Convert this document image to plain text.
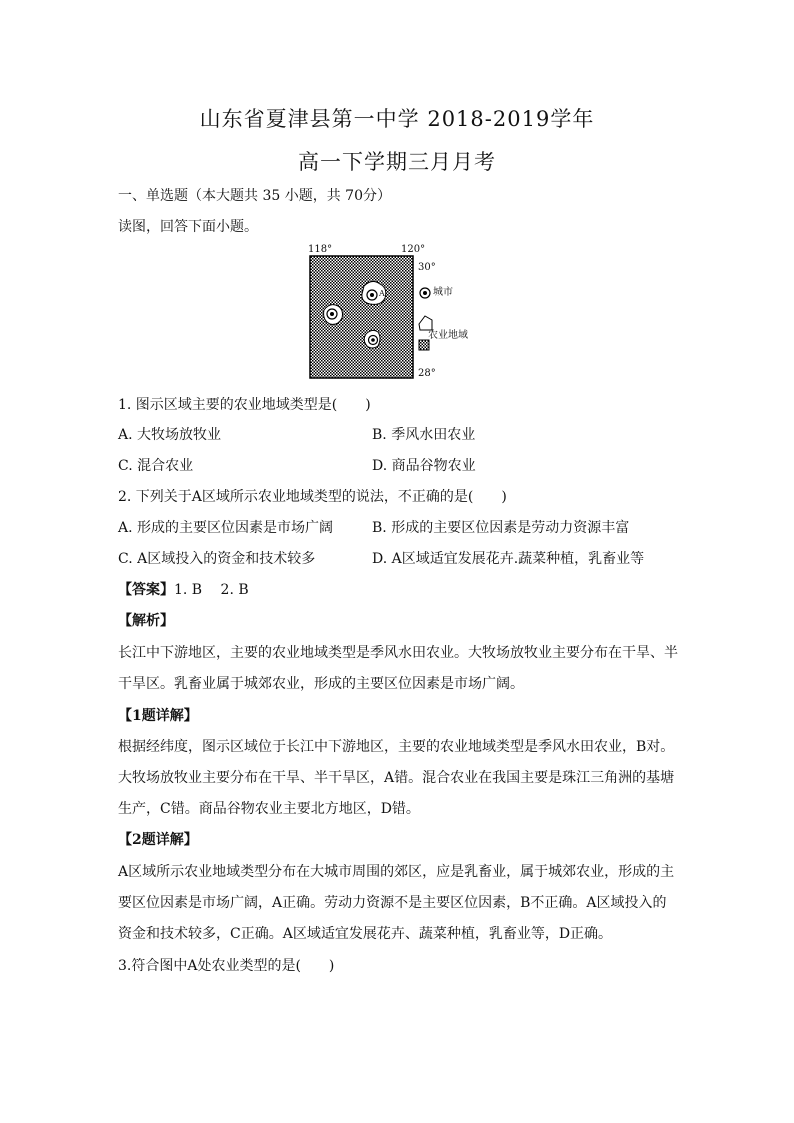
山东省夏津县第一中学 2018-2019学年
高一下学期三月月考
一、单选题（本大题共 35 小题，共 70分）
读图，回答下面小题。
118°	120°
30°
28°
城市
农业地域
A
1. 图示区域主要的农业地域类型是(　　)
A. 大牧场放牧业	B. 季风水田农业
C. 混合农业	D. 商品谷物农业
2. 下列关于A区域所示农业地域类型的说法，不正确的是(　　)
A. 形成的主要区位因素是市场广阔	B. 形成的主要区位因素是劳动力资源丰富
C. A区域投入的资金和技术较多	D. A区域适宜发展花卉.蔬菜种植，乳畜业等
【答案】1. B　 2. B
【解析】
长江中下游地区，主要的农业地域类型是季风水田农业。大牧场放牧业主要分布在干旱、半
干旱区。乳畜业属于城郊农业，形成的主要区位因素是市场广阔。
【1题详解】
根据经纬度，图示区域位于长江中下游地区，主要的农业地域类型是季风水田农业，B对。
大牧场放牧业主要分布在干旱、半干旱区，A错。混合农业在我国主要是珠江三角洲的基塘
生产，C错。商品谷物农业主要北方地区，D错。
【2题详解】
A区域所示农业地域类型分布在大城市周围的郊区，应是乳畜业，属于城郊农业，形成的主
要区位因素是市场广阔，A正确。劳动力资源不是主要区位因素，B不正确。A区域投入的
资金和技术较多，C正确。A区域适宜发展花卉、蔬菜种植，乳畜业等，D正确。
3.符合图中A处农业类型的是(　　)
